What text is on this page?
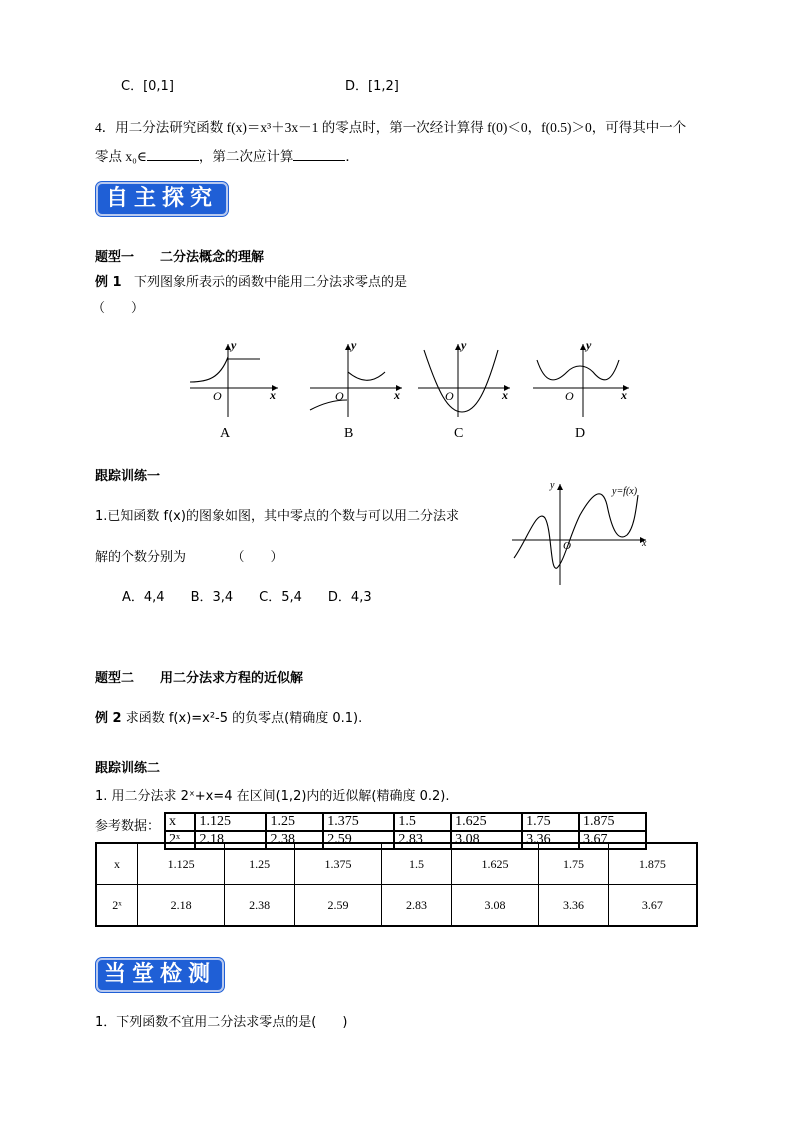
C．[0,1]	D．[1,2]
4．用二分法研究函数 f(x)＝x³＋3x－1 的零点时，第一次经计算得 f(0)＜0，f(0.5)＞0，可得其中一个
零点 x₀∈	，第二次应计算	．
自主探究
题型一　　二分法概念的理解
例 1 下列图象所表示的函数中能用二分法求零点的是
（　　）
y
x
O
A
y
x
O
B
y
x
O
C
y
x
O
D
跟踪训练一
1.已知函数 f(x)的图象如图，其中零点的个数与可以用二分法求
解的个数分别为　　　　（　　）
A．4,4　　B．3,4　　C．5,4　　D．4,3
y
x
O
y=f(x)
题型二　　用二分法求方程的近似解
例 2 求函数 f(x)=x²-5 的负零点(精确度 0.1).
跟踪训练二
1. 用二分法求 2ˣ+x=4 在区间(1,2)内的近似解(精确度 0.2).
参考数据： x	1.125	1.25	1.375	1.5	1.625	1.75	1.875
2ˣ	2.18	2.38	2.59	2.83	3.08	3.36	3.67
x	1.125	1.25	1.375	1.5	1.625	1.75	1.875
2ˣ	2.18	2.38	2.59	2.83	3.08	3.36	3.67
当堂检测
1．下列函数不宜用二分法求零点的是(　　)
